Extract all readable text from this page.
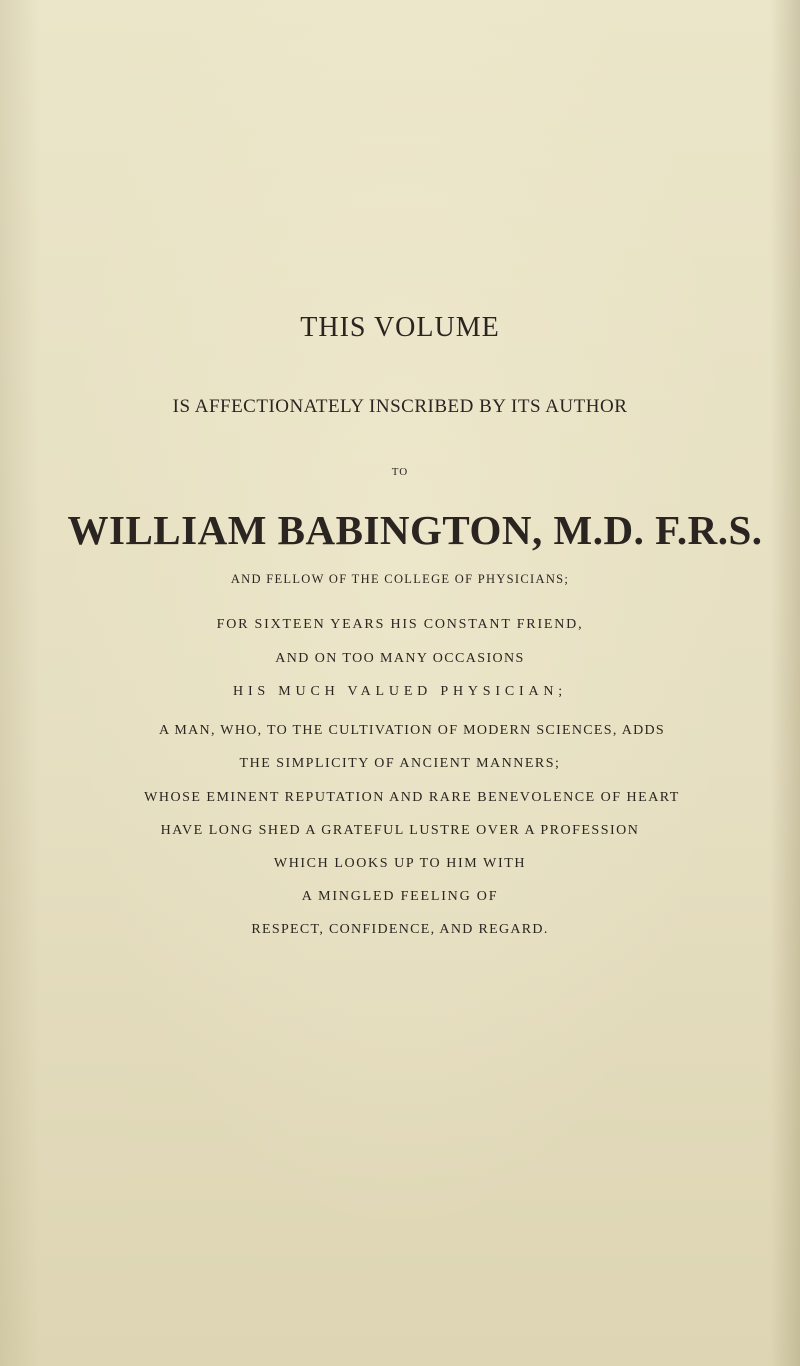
THIS VOLUME
IS AFFECTIONATELY INSCRIBED BY ITS AUTHOR
TO
WILLIAM BABINGTON, M.D. F.R.S.
AND FELLOW OF THE COLLEGE OF PHYSICIANS;
FOR SIXTEEN YEARS HIS CONSTANT FRIEND,
AND ON TOO MANY OCCASIONS
HIS MUCH VALUED PHYSICIAN;
A MAN, WHO, TO THE CULTIVATION OF MODERN SCIENCES, ADDS
THE SIMPLICITY OF ANCIENT MANNERS;
WHOSE EMINENT REPUTATION AND RARE BENEVOLENCE OF HEART
HAVE LONG SHED A GRATEFUL LUSTRE OVER A PROFESSION
WHICH LOOKS UP TO HIM WITH
A MINGLED FEELING OF
RESPECT, CONFIDENCE, AND REGARD.
